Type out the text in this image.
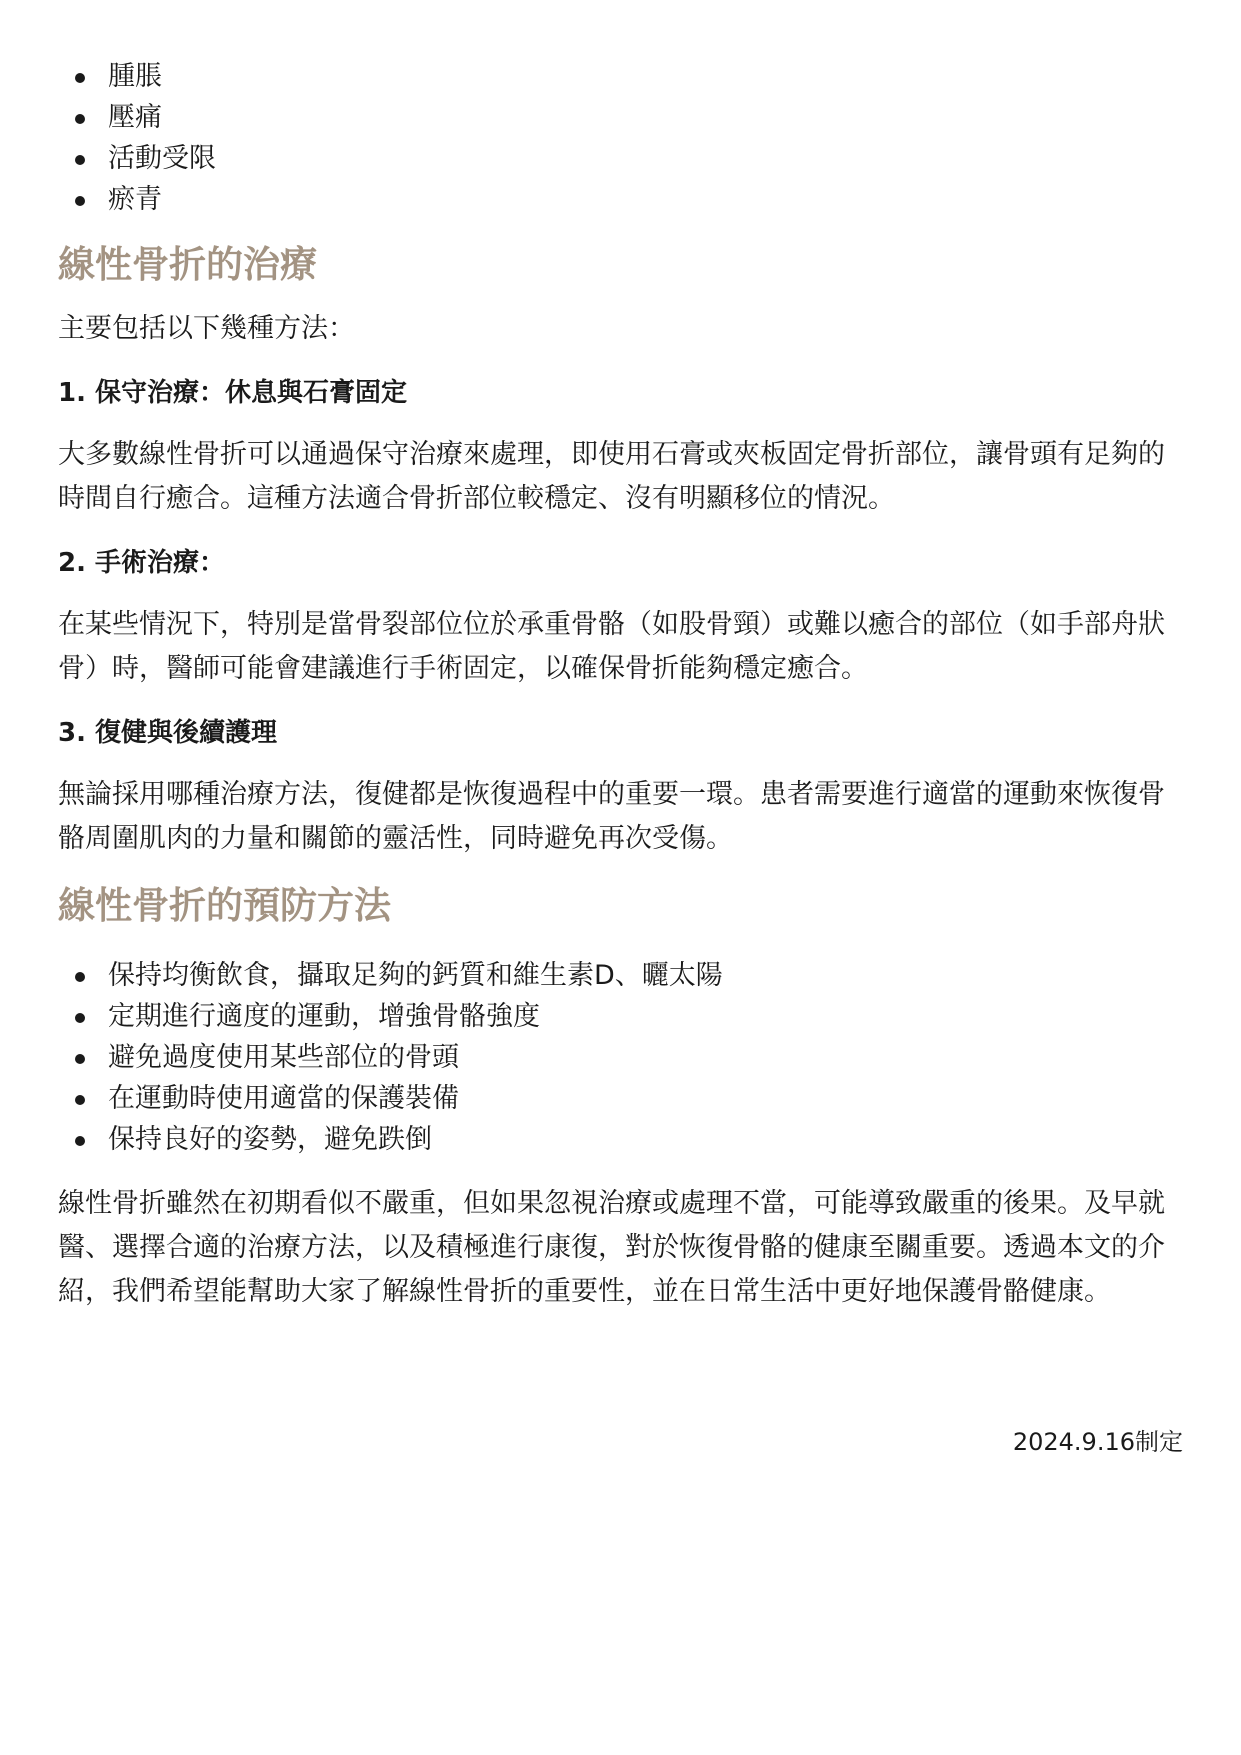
腫脹
壓痛
活動受限
瘀青
線性骨折的治療

主要包括以下幾種方法：

1. 保守治療：休息與石膏固定

大多數線性骨折可以通過保守治療來處理，即使用石膏或夾板固定骨折部位，讓骨頭有足夠的時間自行癒合。這種方法適合骨折部位較穩定、沒有明顯移位的情況。

2. 手術治療：

在某些情況下，特別是當骨裂部位位於承重骨骼（如股骨頸）或難以癒合的部位（如手部舟狀骨）時，醫師可能會建議進行手術固定，以確保骨折能夠穩定癒合。

3. 復健與後續護理

無論採用哪種治療方法，復健都是恢復過程中的重要一環。患者需要進行適當的運動來恢復骨骼周圍肌肉的力量和關節的靈活性，同時避免再次受傷。

線性骨折的預防方法
保持均衡飲食，攝取足夠的鈣質和維生素D、曬太陽
定期進行適度的運動，增強骨骼強度
避免過度使用某些部位的骨頭
在運動時使用適當的保護裝備
保持良好的姿勢，避免跌倒

線性骨折雖然在初期看似不嚴重，但如果忽視治療或處理不當，可能導致嚴重的後果。及早就醫、選擇合適的治療方法，以及積極進行康復，對於恢復骨骼的健康至關重要。透過本文的介紹，我們希望能幫助大家了解線性骨折的重要性，並在日常生活中更好地保護骨骼健康。

2024.9.16制定
